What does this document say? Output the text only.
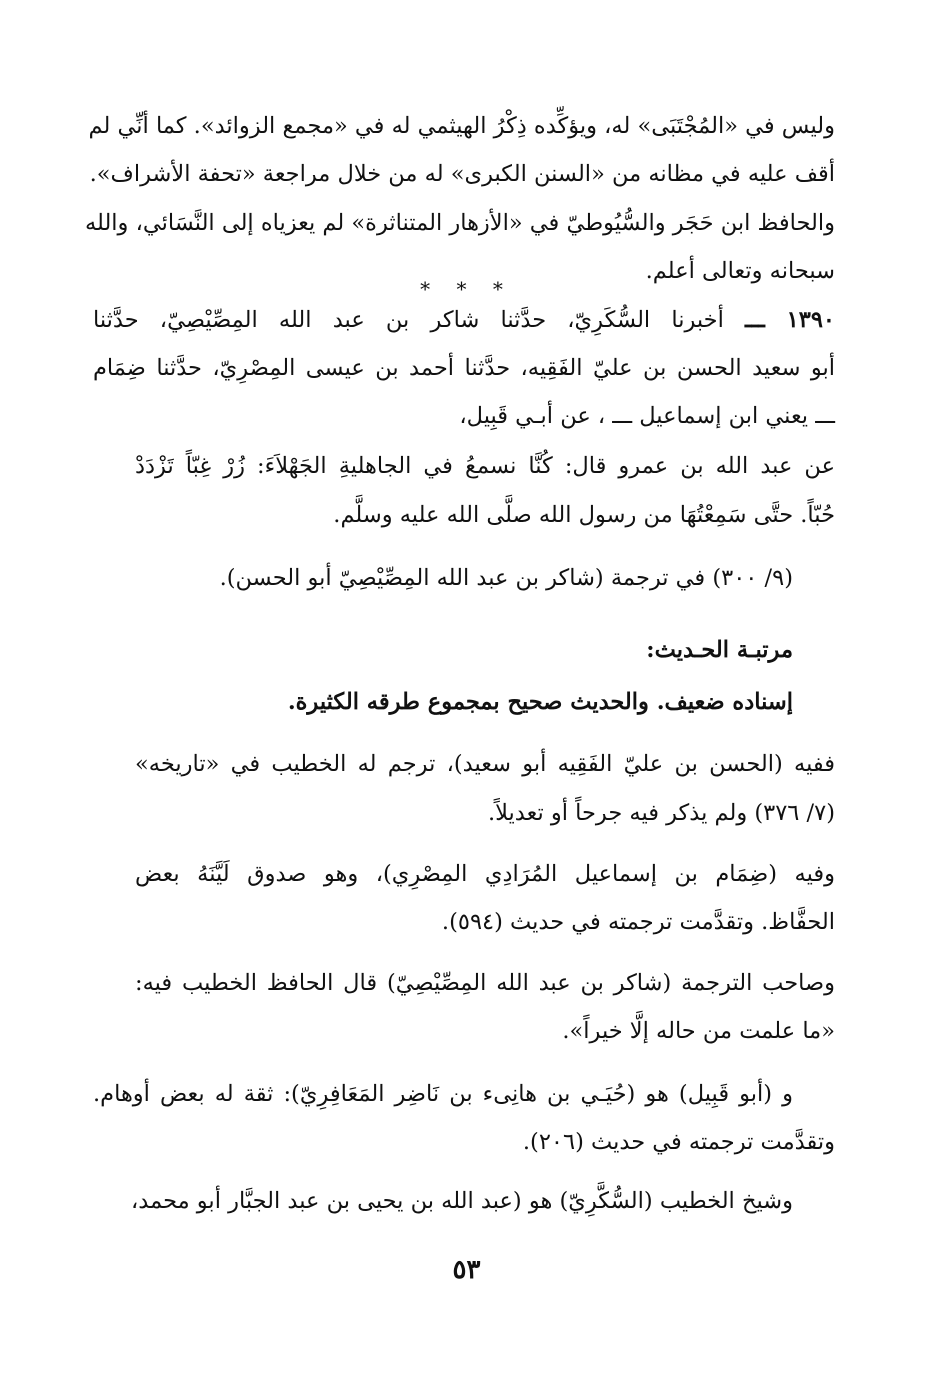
وليس في «المُجْتَبَى» له، ويؤكِّده ذِكْرُ الهيثمي له في «مجمع الزوائد». كما أنِّي لم
أقف عليه في مظانه من «السنن الكبرى» له من خلال مراجعة «تحفة الأشراف».
والحافظ ابن حَجَر والسُّيُوطيّ في «الأزهار المتناثرة» لم يعزياه إلى النَّسَائي، والله
سبحانه وتعالى أعلم.
* * *
١٣٩٠ ـــ أخبرنا السُّكَرِيّ، حدَّثنا شاكر بن عبد الله المِصِّيْصِيّ، حدَّثنا
أبو سعيد الحسن بن عليّ الفَقِيه، حدَّثنا أحمد بن عيسى المِصْرِيّ، حدَّثنا ضِمَام
ـــ يعني ابن إسماعيل ـــ ، عن أبـي قَبِيل،
عن عبد الله بن عمرو قال: كُنَّا نسمعُ في الجاهليةِ الجَهْلاَءَ: زُرْ غِبّاً تَزْدَدْ
حُبّاً. حتَّى سَمِعْتُهَا من رسول الله صلَّى الله عليه وسلَّم.
(٩/ ٣٠٠) في ترجمة (شاكر بن عبد الله المِصِّيْصِيّ أبو الحسن).
مرتبـة الحـديث:
إسناده ضعيف. والحديث صحيح بمجموع طرقه الكثيرة.
ففيه (الحسن بن عليّ الفَقِيه أبو سعيد)، ترجم له الخطيب في «تاريخه»
(٧/ ٣٧٦) ولم يذكر فيه جرحاً أو تعديلاً.
وفيه (ضِمَام بن إسماعيل المُرَادِي المِصْرِي)، وهو صدوق لَيَّنَهُ بعض
الحفَّاظ. وتقدَّمت ترجمته في حديث (٥٩٤).
وصاحب الترجمة (شاكر بن عبد الله المِصِّيْصِيّ) قال الحافظ الخطيب فيه:
«ما علمت من حاله إلَّا خيراً».
و (أبو قَبِيل) هو (حُيَـي بن هانِىء بن نَاضِر المَعَافِرِيّ): ثقة له بعض أوهام.
وتقدَّمت ترجمته في حديث (٢٠٦).
وشيخ الخطيب (السُّكَّرِيّ) هو (عبد الله بن يحيى بن عبد الجبَّار أبو محمد،
٥٣
